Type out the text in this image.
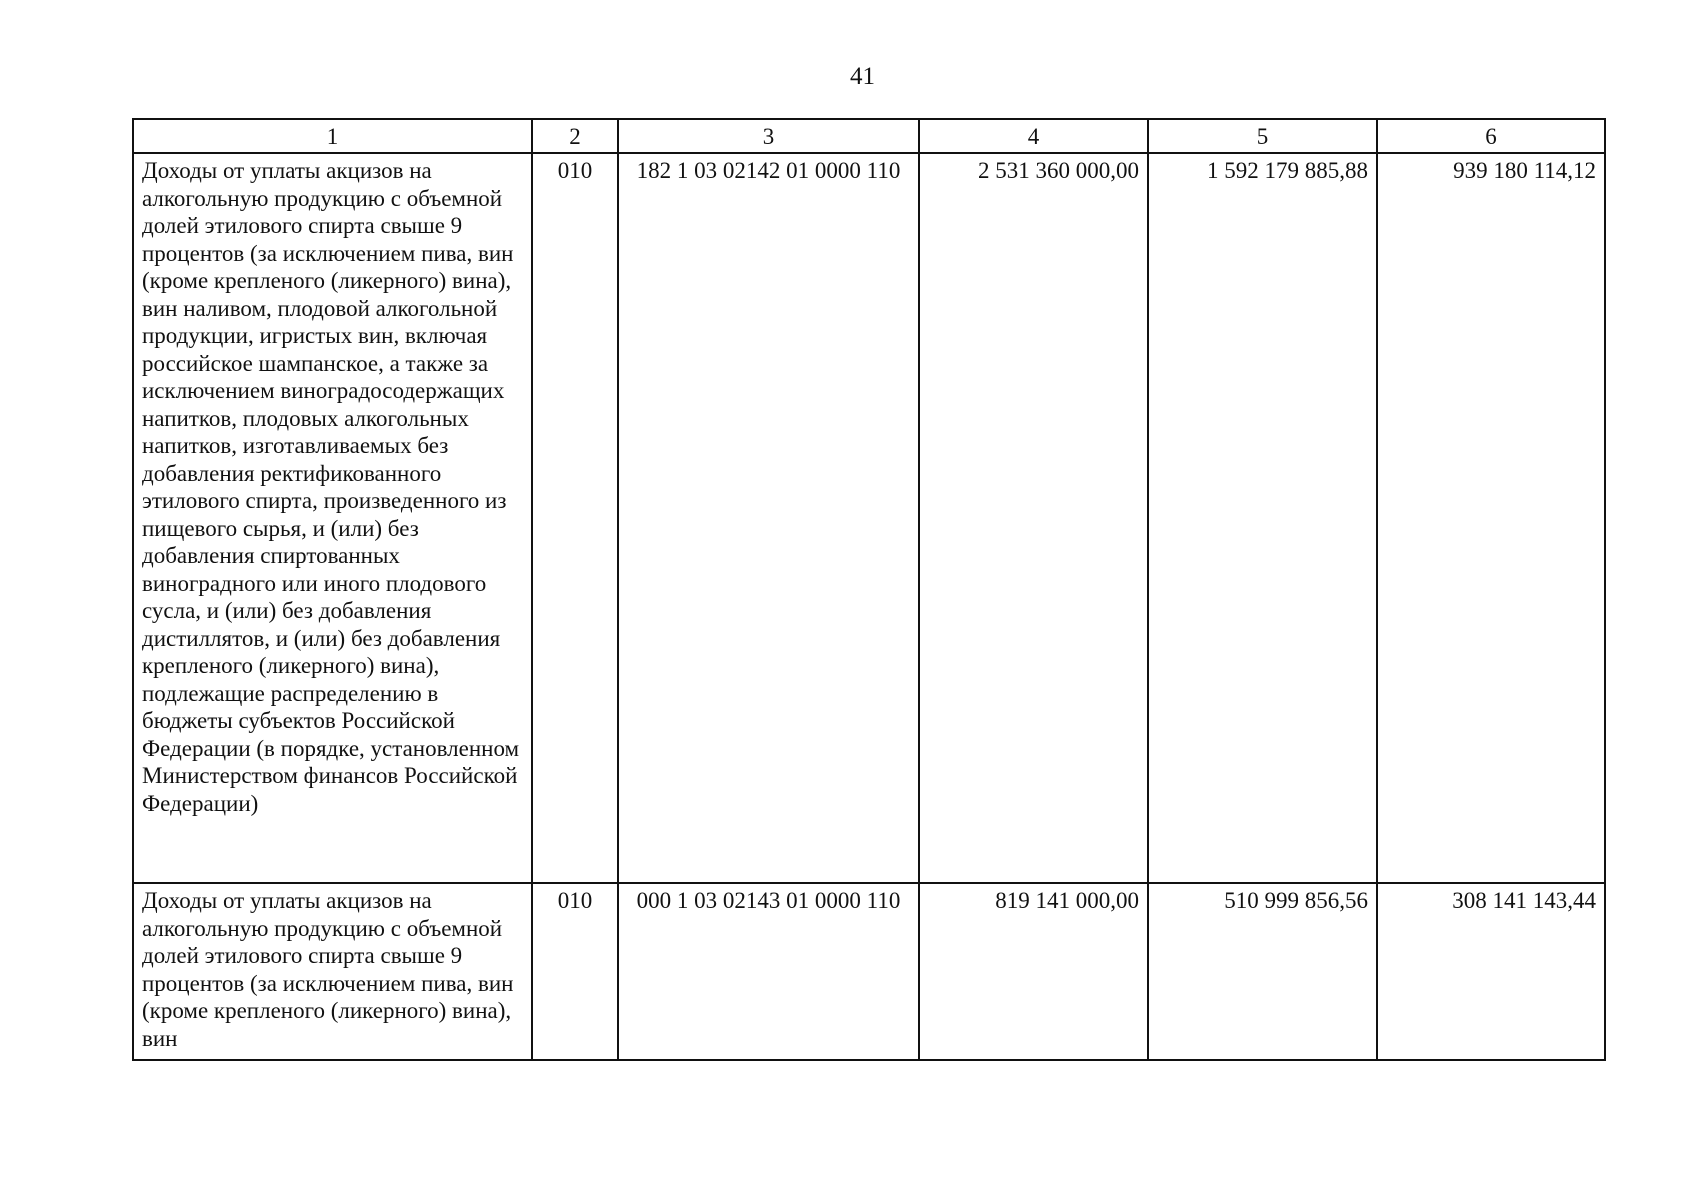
41
1	2	3	4	5	6
Доходы от уплаты акцизов на алкогольную продукцию с объемной долей этилового спирта свыше 9 процентов (за исключением пива, вин (кроме крепленого (ликерного) вина), вин наливом, плодовой алкогольной продукции, игристых вин, включая российское шампанское, а также за исключением виноградосодержащих напитков, плодовых алкогольных напитков, изготавливаемых без добавления ректификованного этилового спирта, произведенного из пищевого сырья, и (или) без добавления спиртованных виноградного или иного плодового сусла, и (или) без добавления дистиллятов, и (или) без добавления крепленого (ликерного) вина), подлежащие распределению в бюджеты субъектов Российской Федерации (в порядке, установленном Министерством финансов Российской Федерации)	010	182 1 03 02142 01 0000 110	2 531 360 000,00	1 592 179 885,88	939 180 114,12
Доходы от уплаты акцизов на алкогольную продукцию с объемной долей этилового спирта свыше 9 процентов (за исключением пива, вин (кроме крепленого (ликерного) вина), вин	010	000 1 03 02143 01 0000 110	819 141 000,00	510 999 856,56	308 141 143,44
